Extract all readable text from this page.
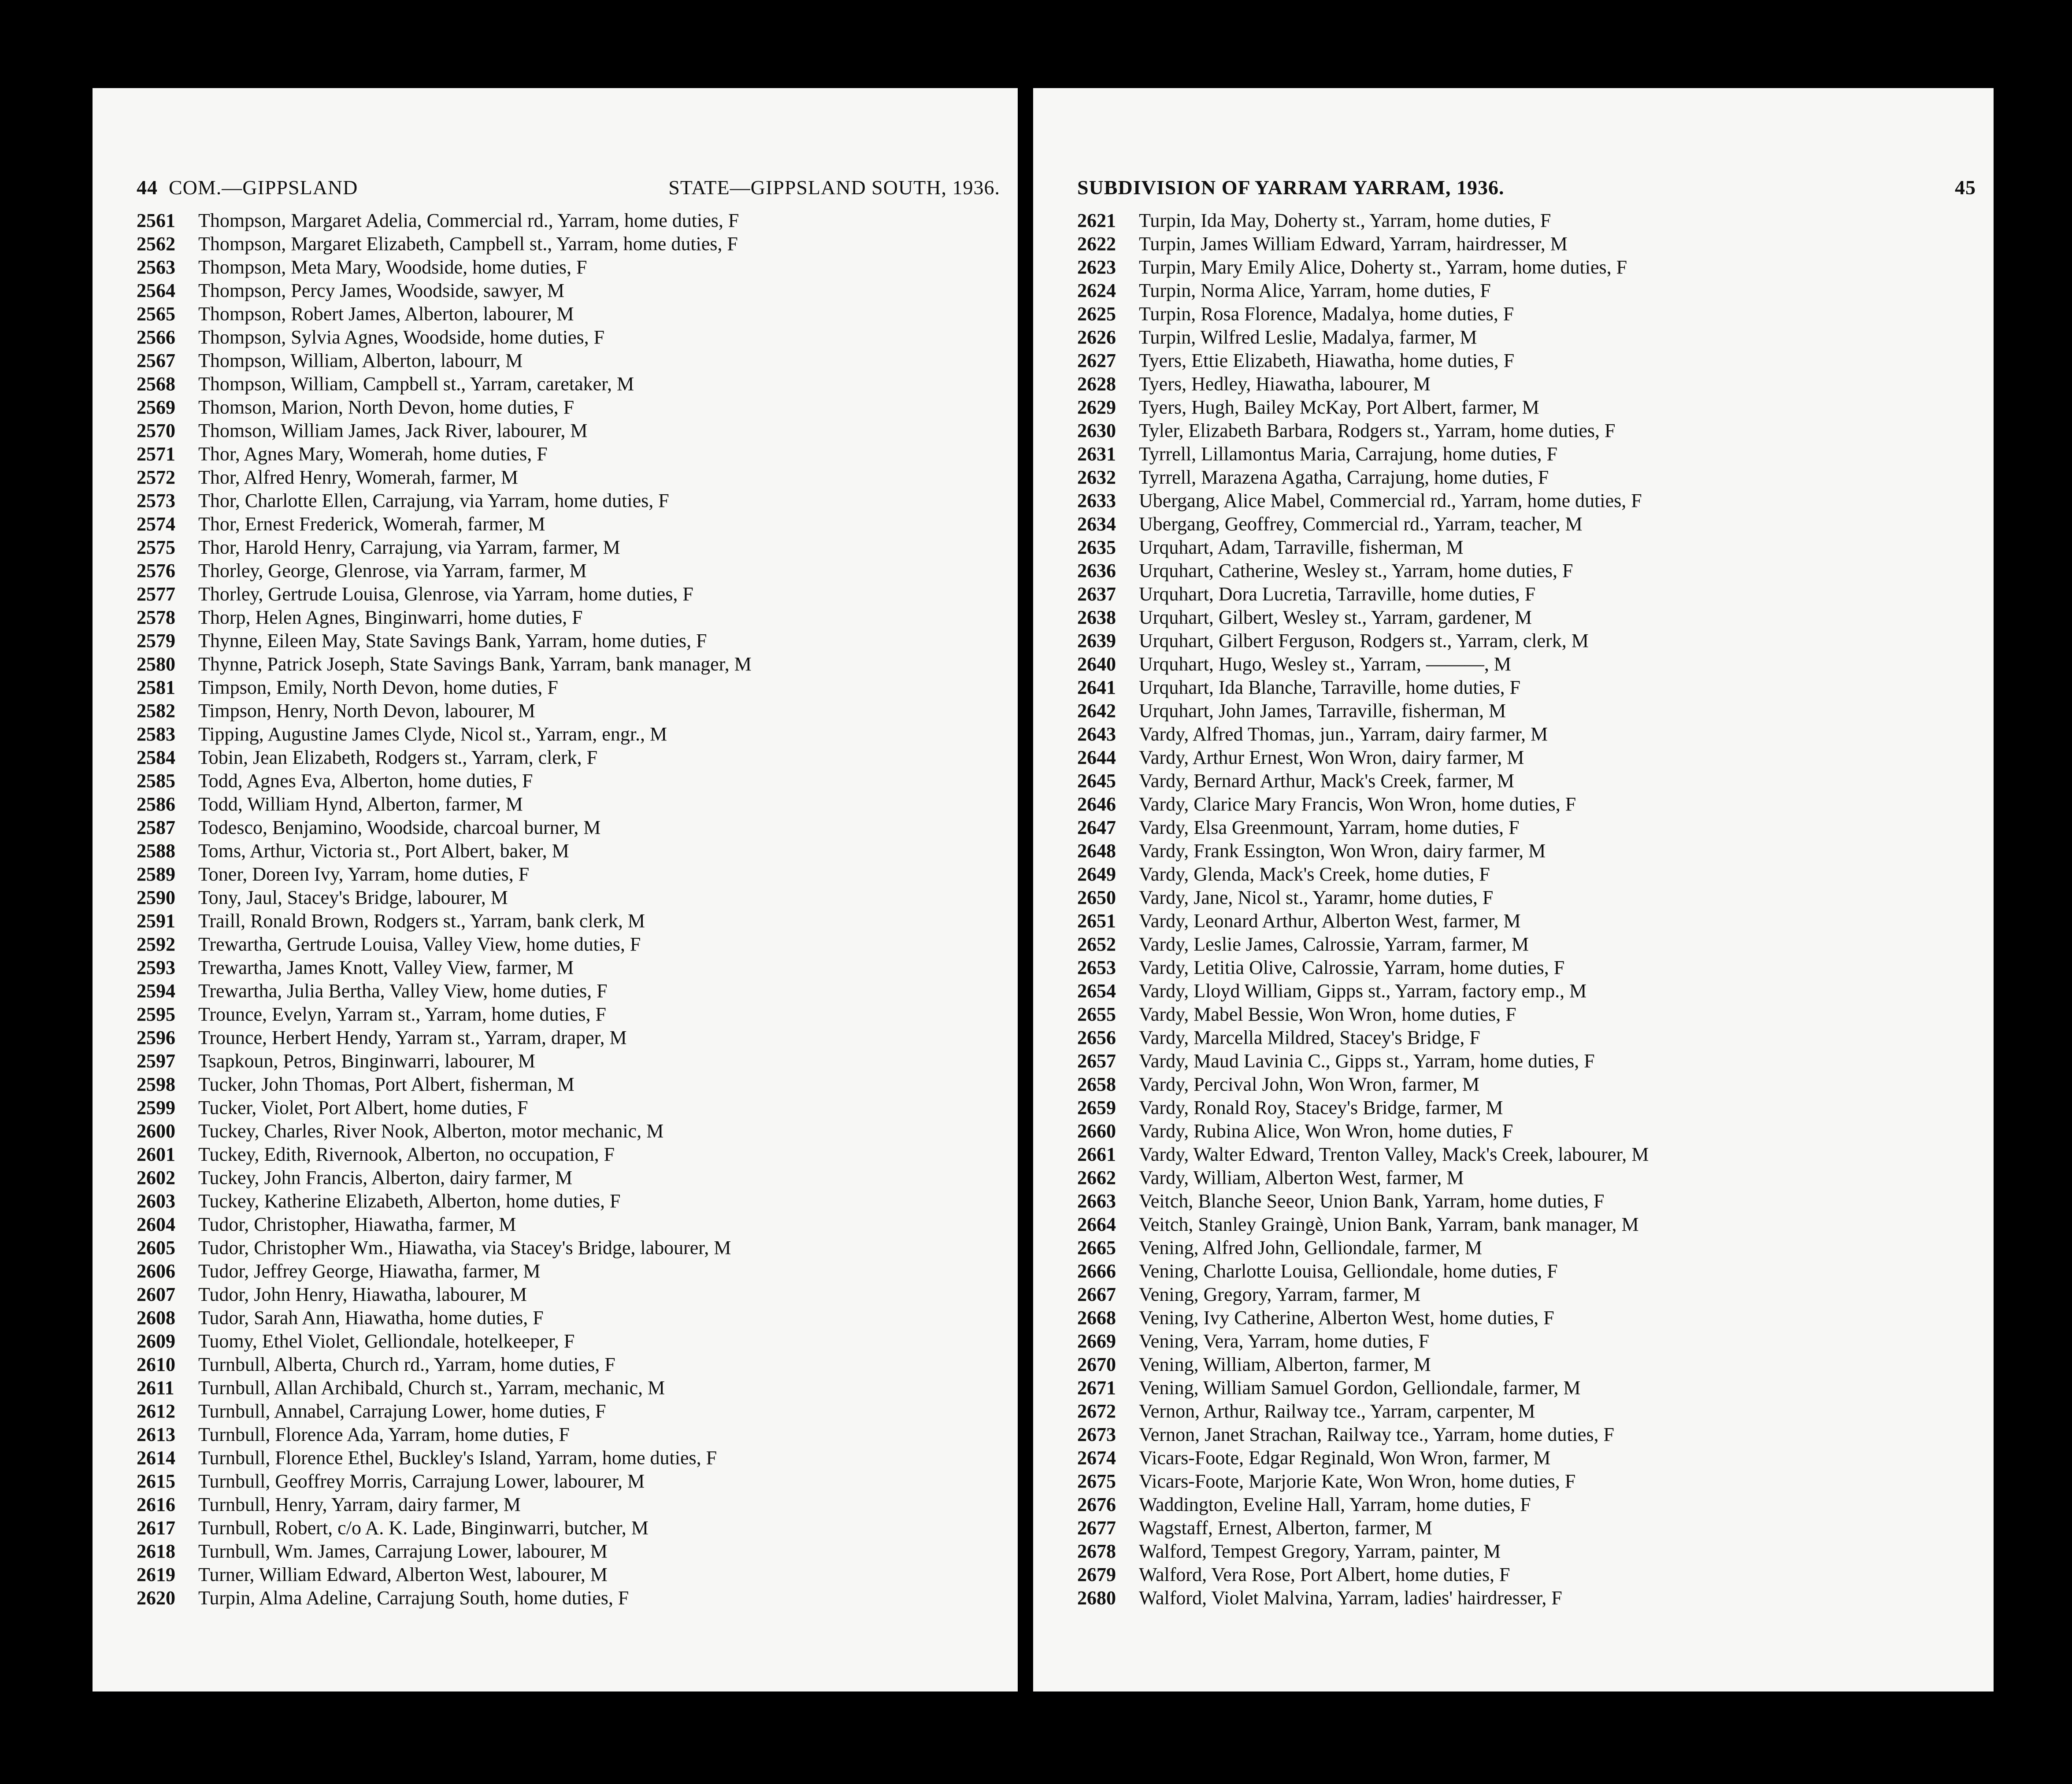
44 COM.—GIPPSLAND	STATE—GIPPSLAND SOUTH, 1936.
2561	Thompson, Margaret Adelia, Commercial rd., Yarram, home duties, F
2562	Thompson, Margaret Elizabeth, Campbell st., Yarram, home duties, F
2563	Thompson, Meta Mary, Woodside, home duties, F
2564	Thompson, Percy James, Woodside, sawyer, M
2565	Thompson, Robert James, Alberton, labourer, M
2566	Thompson, Sylvia Agnes, Woodside, home duties, F
2567	Thompson, William, Alberton, labourr, M
2568	Thompson, William, Campbell st., Yarram, caretaker, M
2569	Thomson, Marion, North Devon, home duties, F
2570	Thomson, William James, Jack River, labourer, M
2571	Thor, Agnes Mary, Womerah, home duties, F
2572	Thor, Alfred Henry, Womerah, farmer, M
2573	Thor, Charlotte Ellen, Carrajung, via Yarram, home duties, F
2574	Thor, Ernest Frederick, Womerah, farmer, M
2575	Thor, Harold Henry, Carrajung, via Yarram, farmer, M
2576	Thorley, George, Glenrose, via Yarram, farmer, M
2577	Thorley, Gertrude Louisa, Glenrose, via Yarram, home duties, F
2578	Thorp, Helen Agnes, Binginwarri, home duties, F
2579	Thynne, Eileen May, State Savings Bank, Yarram, home duties, F
2580	Thynne, Patrick Joseph, State Savings Bank, Yarram, bank manager, M
2581	Timpson, Emily, North Devon, home duties, F
2582	Timpson, Henry, North Devon, labourer, M
2583	Tipping, Augustine James Clyde, Nicol st., Yarram, engr., M
2584	Tobin, Jean Elizabeth, Rodgers st., Yarram, clerk, F
2585	Todd, Agnes Eva, Alberton, home duties, F
2586	Todd, William Hynd, Alberton, farmer, M
2587	Todesco, Benjamino, Woodside, charcoal burner, M
2588	Toms, Arthur, Victoria st., Port Albert, baker, M
2589	Toner, Doreen Ivy, Yarram, home duties, F
2590	Tony, Jaul, Stacey's Bridge, labourer, M
2591	Traill, Ronald Brown, Rodgers st., Yarram, bank clerk, M
2592	Trewartha, Gertrude Louisa, Valley View, home duties, F
2593	Trewartha, James Knott, Valley View, farmer, M
2594	Trewartha, Julia Bertha, Valley View, home duties, F
2595	Trounce, Evelyn, Yarram st., Yarram, home duties, F
2596	Trounce, Herbert Hendy, Yarram st., Yarram, draper, M
2597	Tsapkoun, Petros, Binginwarri, labourer, M
2598	Tucker, John Thomas, Port Albert, fisherman, M
2599	Tucker, Violet, Port Albert, home duties, F
2600	Tuckey, Charles, River Nook, Alberton, motor mechanic, M
2601	Tuckey, Edith, Rivernook, Alberton, no occupation, F
2602	Tuckey, John Francis, Alberton, dairy farmer, M
2603	Tuckey, Katherine Elizabeth, Alberton, home duties, F
2604	Tudor, Christopher, Hiawatha, farmer, M
2605	Tudor, Christopher Wm., Hiawatha, via Stacey's Bridge, labourer, M
2606	Tudor, Jeffrey George, Hiawatha, farmer, M
2607	Tudor, John Henry, Hiawatha, labourer, M
2608	Tudor, Sarah Ann, Hiawatha, home duties, F
2609	Tuomy, Ethel Violet, Gelliondale, hotelkeeper, F
2610	Turnbull, Alberta, Church rd., Yarram, home duties, F
2611	Turnbull, Allan Archibald, Church st., Yarram, mechanic, M
2612	Turnbull, Annabel, Carrajung Lower, home duties, F
2613	Turnbull, Florence Ada, Yarram, home duties, F
2614	Turnbull, Florence Ethel, Buckley's Island, Yarram, home duties, F
2615	Turnbull, Geoffrey Morris, Carrajung Lower, labourer, M
2616	Turnbull, Henry, Yarram, dairy farmer, M
2617	Turnbull, Robert, c/o A. K. Lade, Binginwarri, butcher, M
2618	Turnbull, Wm. James, Carrajung Lower, labourer, M
2619	Turner, William Edward, Alberton West, labourer, M
2620	Turpin, Alma Adeline, Carrajung South, home duties, F
SUBDIVISION OF YARRAM YARRAM, 1936.	45
2621	Turpin, Ida May, Doherty st., Yarram, home duties, F
2622	Turpin, James William Edward, Yarram, hairdresser, M
2623	Turpin, Mary Emily Alice, Doherty st., Yarram, home duties, F
2624	Turpin, Norma Alice, Yarram, home duties, F
2625	Turpin, Rosa Florence, Madalya, home duties, F
2626	Turpin, Wilfred Leslie, Madalya, farmer, M
2627	Tyers, Ettie Elizabeth, Hiawatha, home duties, F
2628	Tyers, Hedley, Hiawatha, labourer, M
2629	Tyers, Hugh, Bailey McKay, Port Albert, farmer, M
2630	Tyler, Elizabeth Barbara, Rodgers st., Yarram, home duties, F
2631	Tyrrell, Lillamontus Maria, Carrajung, home duties, F
2632	Tyrrell, Marazena Agatha, Carrajung, home duties, F
2633	Ubergang, Alice Mabel, Commercial rd., Yarram, home duties, F
2634	Ubergang, Geoffrey, Commercial rd., Yarram, teacher, M
2635	Urquhart, Adam, Tarraville, fisherman, M
2636	Urquhart, Catherine, Wesley st., Yarram, home duties, F
2637	Urquhart, Dora Lucretia, Tarraville, home duties, F
2638	Urquhart, Gilbert, Wesley st., Yarram, gardener, M
2639	Urquhart, Gilbert Ferguson, Rodgers st., Yarram, clerk, M
2640	Urquhart, Hugo, Wesley st., Yarram, ———, M
2641	Urquhart, Ida Blanche, Tarraville, home duties, F
2642	Urquhart, John James, Tarraville, fisherman, M
2643	Vardy, Alfred Thomas, jun., Yarram, dairy farmer, M
2644	Vardy, Arthur Ernest, Won Wron, dairy farmer, M
2645	Vardy, Bernard Arthur, Mack's Creek, farmer, M
2646	Vardy, Clarice Mary Francis, Won Wron, home duties, F
2647	Vardy, Elsa Greenmount, Yarram, home duties, F
2648	Vardy, Frank Essington, Won Wron, dairy farmer, M
2649	Vardy, Glenda, Mack's Creek, home duties, F
2650	Vardy, Jane, Nicol st., Yaramr, home duties, F
2651	Vardy, Leonard Arthur, Alberton West, farmer, M
2652	Vardy, Leslie James, Calrossie, Yarram, farmer, M
2653	Vardy, Letitia Olive, Calrossie, Yarram, home duties, F
2654	Vardy, Lloyd William, Gipps st., Yarram, factory emp., M
2655	Vardy, Mabel Bessie, Won Wron, home duties, F
2656	Vardy, Marcella Mildred, Stacey's Bridge, F
2657	Vardy, Maud Lavinia C., Gipps st., Yarram, home duties, F
2658	Vardy, Percival John, Won Wron, farmer, M
2659	Vardy, Ronald Roy, Stacey's Bridge, farmer, M
2660	Vardy, Rubina Alice, Won Wron, home duties, F
2661	Vardy, Walter Edward, Trenton Valley, Mack's Creek, labourer, M
2662	Vardy, William, Alberton West, farmer, M
2663	Veitch, Blanche Seeor, Union Bank, Yarram, home duties, F
2664	Veitch, Stanley Graingè, Union Bank, Yarram, bank manager, M
2665	Vening, Alfred John, Gelliondale, farmer, M
2666	Vening, Charlotte Louisa, Gelliondale, home duties, F
2667	Vening, Gregory, Yarram, farmer, M
2668	Vening, Ivy Catherine, Alberton West, home duties, F
2669	Vening, Vera, Yarram, home duties, F
2670	Vening, William, Alberton, farmer, M
2671	Vening, William Samuel Gordon, Gelliondale, farmer, M
2672	Vernon, Arthur, Railway tce., Yarram, carpenter, M
2673	Vernon, Janet Strachan, Railway tce., Yarram, home duties, F
2674	Vicars-Foote, Edgar Reginald, Won Wron, farmer, M
2675	Vicars-Foote, Marjorie Kate, Won Wron, home duties, F
2676	Waddington, Eveline Hall, Yarram, home duties, F
2677	Wagstaff, Ernest, Alberton, farmer, M
2678	Walford, Tempest Gregory, Yarram, painter, M
2679	Walford, Vera Rose, Port Albert, home duties, F
2680	Walford, Violet Malvina, Yarram, ladies' hairdresser, F
